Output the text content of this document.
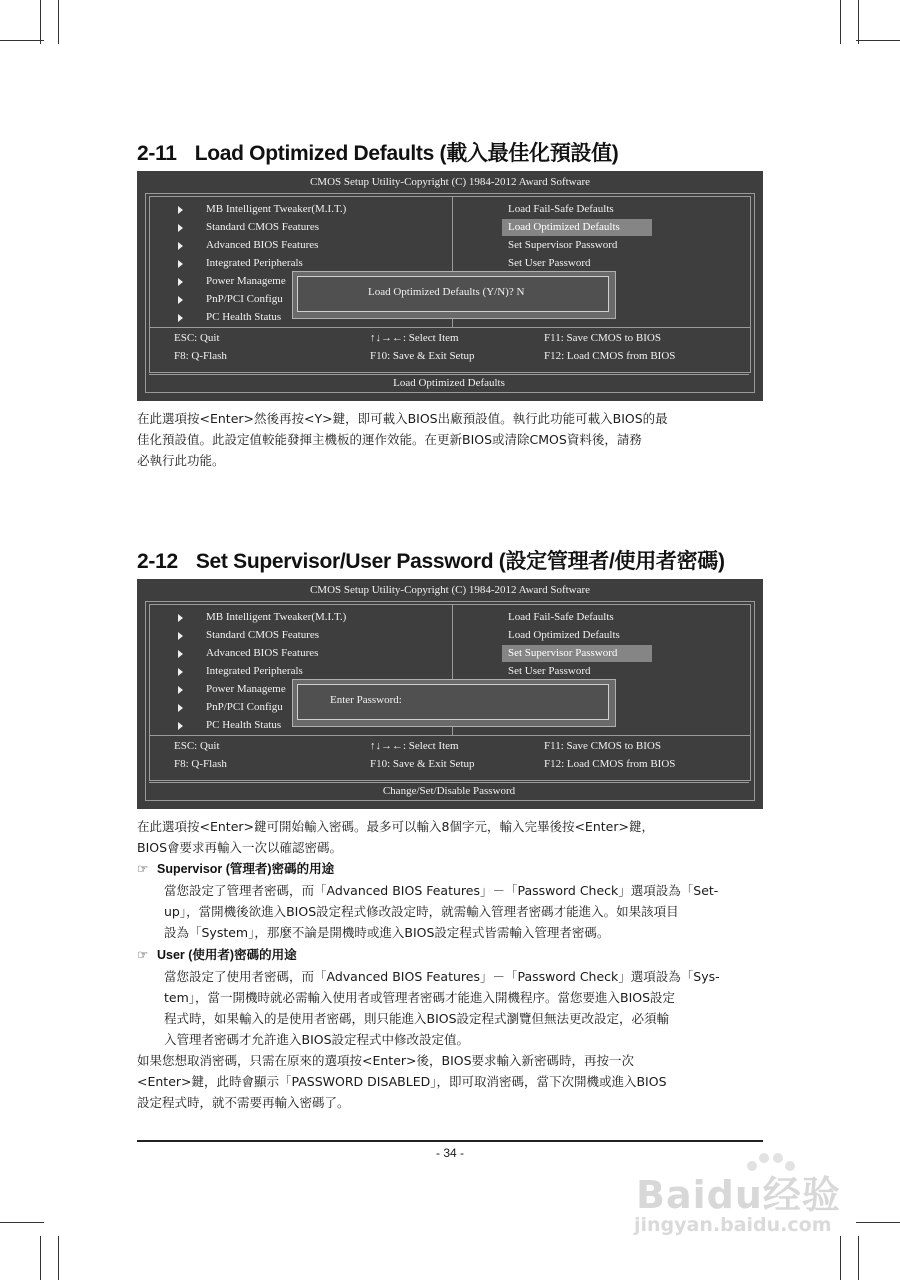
2-11 Load Optimized Defaults (載入最佳化預設值)
CMOS Setup Utility-Copyright (C) 1984-2012 Award Software
MB Intelligent Tweaker(M.I.T.)
Standard CMOS Features
Advanced BIOS Features
Integrated Peripherals
Power Manageme
PnP/PCI Configu
PC Health Status
Load Fail-Safe Defaults
Load Optimized Defaults
Set Supervisor Password
Set User Password
Load Optimized Defaults (Y/N)? N
ESC: Quit	↑↓→←: Select Item	F11: Save CMOS to BIOS
F8: Q-Flash	F10: Save & Exit Setup	F12: Load CMOS from BIOS
Load Optimized Defaults
在此選項按<Enter>然後再按<Y>鍵，即可載入BIOS出廠預設值。執行此功能可載入BIOS的最
佳化預設值。此設定值較能發揮主機板的運作效能。在更新BIOS或清除CMOS資料後，請務
必執行此功能。
2-12 Set Supervisor/User Password (設定管理者/使用者密碼)
CMOS Setup Utility-Copyright (C) 1984-2012 Award Software
MB Intelligent Tweaker(M.I.T.)
Standard CMOS Features
Advanced BIOS Features
Integrated Peripherals
Power Manageme
PnP/PCI Configu
PC Health Status
Load Fail-Safe Defaults
Load Optimized Defaults
Set Supervisor Password
Set User Password
Enter Password:
ESC: Quit	↑↓→←: Select Item	F11: Save CMOS to BIOS
F8: Q-Flash	F10: Save & Exit Setup	F12: Load CMOS from BIOS
Change/Set/Disable Password
在此選項按<Enter>鍵可開始輸入密碼。最多可以輸入8個字元，輸入完畢後按<Enter>鍵，
BIOS會要求再輸入一次以確認密碼。
☞ Supervisor (管理者)密碼的用途
當您設定了管理者密碼，而「Advanced BIOS Features」－「Password Check」選項設為「Set-
up」，當開機後欲進入BIOS設定程式修改設定時，就需輸入管理者密碼才能進入。如果該項目
設為「System」，那麼不論是開機時或進入BIOS設定程式皆需輸入管理者密碼。
☞ User (使用者)密碼的用途
當您設定了使用者密碼，而「Advanced BIOS Features」－「Password Check」選項設為「Sys-
tem」，當一開機時就必需輸入使用者或管理者密碼才能進入開機程序。當您要進入BIOS設定
程式時，如果輸入的是使用者密碼，則只能進入BIOS設定程式瀏覽但無法更改設定，必須輸
入管理者密碼才允許進入BIOS設定程式中修改設定值。
如果您想取消密碼，只需在原來的選項按<Enter>後，BIOS要求輸入新密碼時，再按一次
<Enter>鍵，此時會顯示「PASSWORD DISABLED」，即可取消密碼，當下次開機或進入BIOS
設定程式時，就不需要再輸入密碼了。
- 34 -
Baidu经验
jingyan.baidu.com
